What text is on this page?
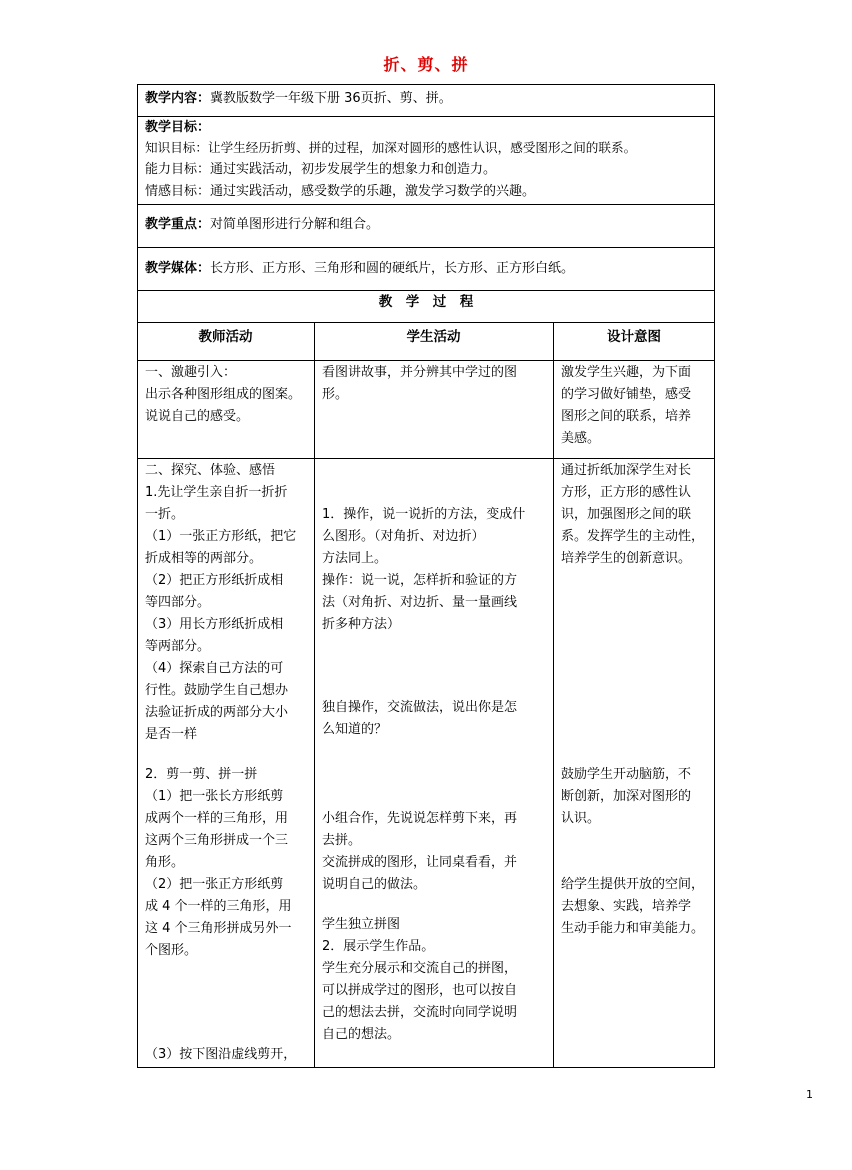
折、剪、拼
教学内容：冀教版数学一年级下册 36页折、剪、拼。
教学目标：
知识目标：让学生经历折剪、拼的过程，加深对圆形的感性认识，感受图形之间的联系。
能力目标：通过实践活动，初步发展学生的想象力和创造力。
情感目标：通过实践活动，感受数学的乐趣，激发学习数学的兴趣。
教学重点：对简单图形进行分解和组合。
教学媒体：长方形、正方形、三角形和圆的硬纸片，长方形、正方形白纸。
教　学　过　程
教师活动	学生活动	设计意图
一、激趣引入：
出示各种图形组成的图案。
说说自己的感受。
看图讲故事，并分辨其中学过的图
形。
激发学生兴趣，为下面
的学习做好铺垫，感受
图形之间的联系，培养
美感。
二、探究、体验、感悟
1.先让学生亲自折一折折
一折。
（1）一张正方形纸，把它
折成相等的两部分。
（2）把正方形纸折成相
等四部分。
（3）用长方形纸折成相
等两部分。
（4）探索自己方法的可
行性。鼓励学生自己想办
法验证折成的两部分大小
是否一样
2．剪一剪、拼一拼
（1）把一张长方形纸剪
成两个一样的三角形，用
这两个三角形拼成一个三
角形。
（2）把一张正方形纸剪
成 4 个一样的三角形，用
这 4 个三角形拼成另外一
个图形。
（3）按下图沿虚线剪开，
1．操作，说一说折的方法，变成什
么图形。（对角折、对边折）
方法同上。
操作：说一说，怎样折和验证的方
法（对角折、对边折、量一量画线
折多种方法）
独自操作，交流做法，说出你是怎
么知道的？
小组合作，先说说怎样剪下来，再
去拼。
交流拼成的图形，让同桌看看，并
说明自己的做法。
学生独立拼图
2．展示学生作品。
学生充分展示和交流自己的拼图，
可以拼成学过的图形，也可以按自
己的想法去拼，交流时向同学说明
自己的想法。
通过折纸加深学生对长
方形，正方形的感性认
识，加强图形之间的联
系。发挥学生的主动性，
培养学生的创新意识。
鼓励学生开动脑筋，不
断创新，加深对图形的
认识。
给学生提供开放的空间，
去想象、实践，培养学
生动手能力和审美能力。
1
